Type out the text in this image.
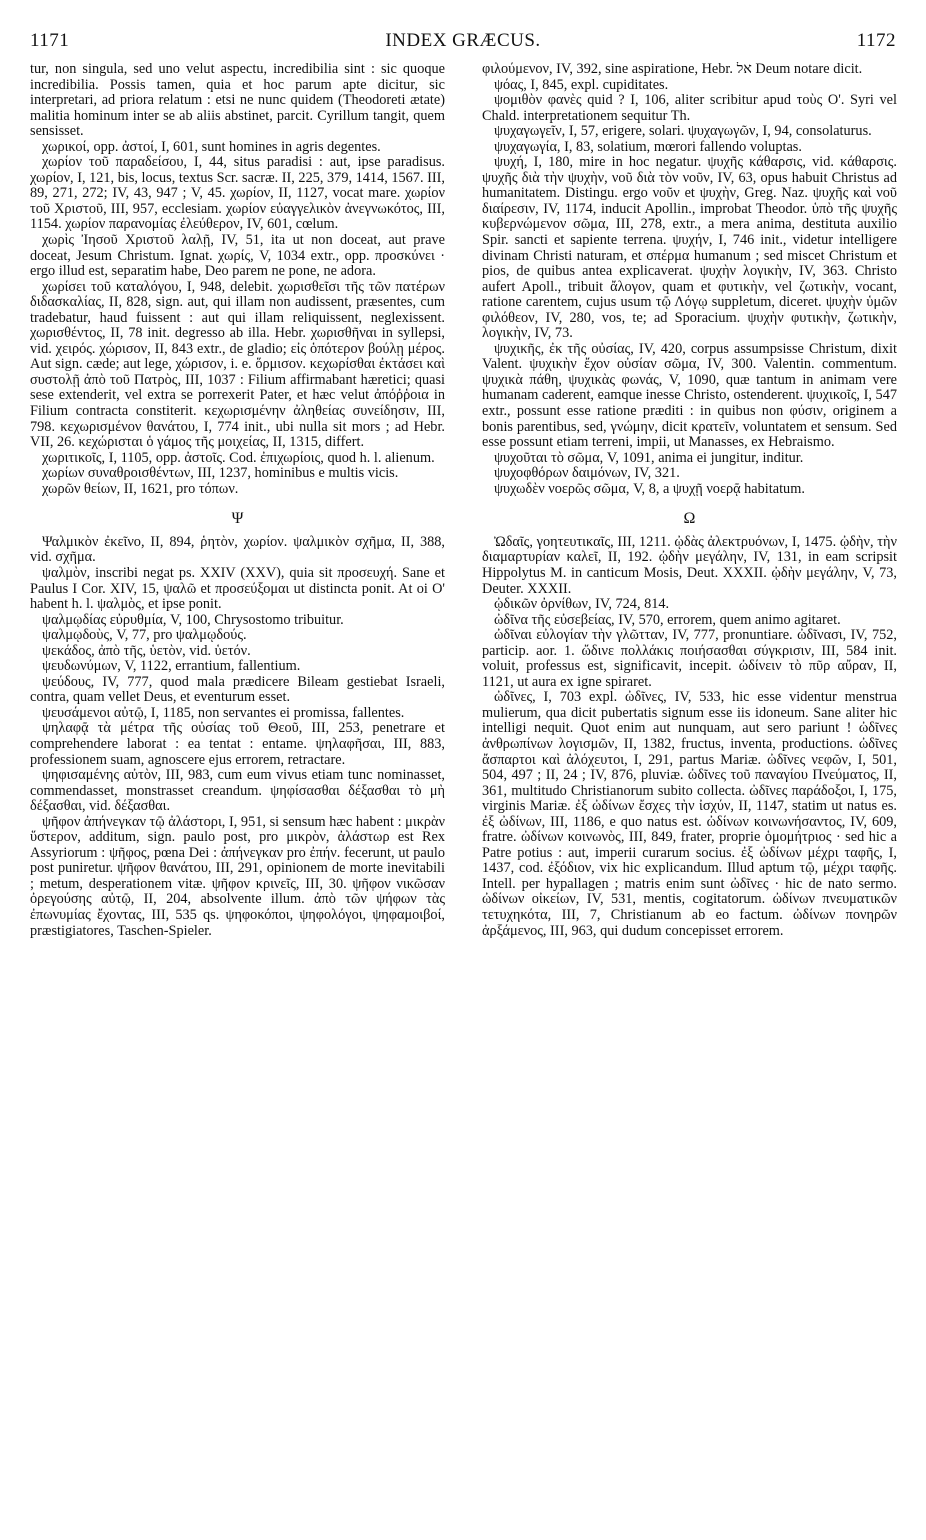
1171	INDEX GRÆCUS.	1172

tur, non singula, sed uno velut aspectu, incredibilia sint : sic quoque incredibilia. Possis tamen, quia et hoc parum apte dicitur, sic interpretari, ad priora relatum : etsi ne nunc quidem (Theodoreti ætate) malitia hominum inter se ab aliis abstinet, parcit. Cyrillum tangit, quem sensisset.

χωρικοί, opp. ἀστοί, I, 601, sunt homines in agris degentes.

χωρίον τοῦ παραδείσου, I, 44, situs paradisi : aut, ipse paradisus. χωρίον, I, 121, bis, locus, textus Scr. sacræ. II, 225, 379, 1414, 1567. III, 89, 271, 272; IV, 43, 947 ; V, 45. χωρίον, II, 1127, vocat mare. χωρίον τοῦ Χριστοῦ, III, 957, ecclesiam. χωρίον εὐαγγελικὸν ἀνεγνωκότος, III, 1154. χωρίον παρανομίας ἐλεύθερον, IV, 601, cœlum.

χωρὶς Ἰησοῦ Χριστοῦ λαλῇ, IV, 51, ita ut non doceat, aut prave doceat, Jesum Christum. Ignat. χωρίς, V, 1034 extr., opp. προσκύνει · ergo illud est, separatim habe, Deo parem ne pone, ne adora.

χωρίσει τοῦ καταλόγου, I, 948, delebit. χωρισθεῖσι τῆς τῶν πατέρων διδασκαλίας, II, 828, sign. aut, qui illam non audissent, præsentes, cum tradebatur, haud fuissent : aut qui illam reliquissent, neglexissent. χωρισθέντος, II, 78 init. degresso ab illa. Hebr. χωρισθῆναι in syllepsi, vid. χειρός. χώρισον, II, 843 extr., de gladio; εἰς ὁπότερον βούλῃ μέρος. Aut sign. cæde; aut lege, χώρισον, i. e. ὅρμισον. κεχωρίσθαι ἐκτάσει καὶ συστολῇ ἀπὸ τοῦ Πατρὸς, III, 1037 : Filium affirmabant hæretici; quasi sese extenderit, vel extra se porrexerit Pater, et hæc velut ἀπόῤῥοια in Filium contracta constiterit. κεχωρισμένην ἀληθείας συνείδησιν, III, 798. κεχωρισμένον θανάτου, I, 774 init., ubi nulla sit mors ; ad Hebr. VII, 26. κεχώρισται ὁ γάμος τῆς μοιχείας, II, 1315, differt.

χωριτικοῖς, I, 1105, opp. ἀστοῖς. Cod. ἐπιχωρίοις, quod h. l. alienum.

χωρίων συναθροισθέντων, III, 1237, hominibus e multis vicis.

χωρῶν θείων, II, 1621, pro τόπων.

Ψ

Ψαλμικὸν ἐκεῖνο, II, 894, ῥητὸν, χωρίον. ψαλμικὸν σχῆμα, II, 388, vid. σχῆμα.

ψαλμὸν, inscribi negat ps. XXIV (XXV), quia sit προσευχή. Sane et Paulus I Cor. XIV, 15, ψαλῶ et προσεύξομαι ut distincta ponit. At oi O' habent h. l. ψαλμὸς, et ipse ponit.

ψαλμῳδίας εὐρυθμία, V, 100, Chrysostomo tribuitur.

ψαλμῳδοὺς, V, 77, pro ψαλμῳδούς.

ψεκάδος, ἀπὸ τῆς, ὑετὸν, vid. ὑετόν.

ψευδωνύμων, V, 1122, errantium, fallentium.

ψεύδους, IV, 777, quod mala prædicere Bileam gestiebat Israeli, contra, quam vellet Deus, et eventurum esset.

ψευσάμενοι αὐτῷ, I, 1185, non servantes ei promissa, fallentes.

ψηλαφᾷ τὰ μέτρα τῆς οὐσίας τοῦ Θεοῦ, III, 253, penetrare et comprehendere laborat : ea tentat : entame. ψηλαφῆσαι, III, 883, professionem suam, agnoscere ejus errorem, retractare.

ψηφισαμένης αὐτὸν, III, 983, cum eum vivus etiam tunc nominasset, commendasset, monstrasset creandum. ψηφίσασθαι δέξασθαι τὸ μὴ δέξασθαι, vid. δέξασθαι.

ψῆφον ἀπήνεγκαν τῷ ἀλάστορι, I, 951, si sensum hæc habent : μικρὰν ὕστερον, additum, sign. paulo post, pro μικρὸν, ἀλάστωρ est Rex Assyriorum : ψῆφος, pœna Dei : ἀπήνεγκαν pro ἐπήν. fecerunt, ut paulo post puniretur. ψῆφον θανάτου, III, 291, opinionem de morte inevitabili ; metum, desperationem vitæ. ψῆφον κρινεῖς, III, 30. ψῆφον νικῶσαν ὀρεγούσης αὐτῷ, II, 204, absolvente illum. ἀπὸ τῶν ψήφων τὰς ἐπωνυμίας ἔχοντας, III, 535 qs. ψηφοκόποι, ψηφολόγοι, ψηφαμοιβοί, præstigiatores, Taschen-Spieler.

φιλούμενον, IV, 392, sine aspiratione, Hebr. אל Deum notare dicit.

ψόας, I, 845, expl. cupiditates.

ψομιθὸν φανὲς quid ? I, 106, aliter scribitur apud τοὺς O'. Syri vel Chald. interpretationem sequitur Th.

ψυχαγωγεῖν, I, 57, erigere, solari. ψυχαγωγῶν, I, 94, consolaturus.

ψυχαγωγία, I, 83, solatium, mœrori fallendo voluptas.

ψυχή, I, 180, mire in hoc negatur. ψυχῆς κάθαρσις, vid. κάθαρσις. ψυχῆς διὰ τὴν ψυχὴν, νοῦ διὰ τὸν νοῦν, IV, 63, opus habuit Christus ad humanitatem. Distingu. ergo νοῦν et ψυχὴν, Greg. Naz. ψυχῆς καὶ νοῦ διαίρεσιν, IV, 1174, inducit Apollin., improbat Theodor. ὑπὸ τῆς ψυχῆς κυβερνώμενον σῶμα, III, 278, extr., a mera anima, destituta auxilio Spir. sancti et sapiente terrena. ψυχήν, I, 746 init., videtur intelligere divinam Christi naturam, et σπέρμα humanum ; sed miscet Christum et pios, de quibus antea explicaverat. ψυχὴν λογικὴν, IV, 363. Christo aufert Apoll., tribuit ἄλογον, quam et φυτικὴν, vel ζωτικὴν, vocant, ratione carentem, cujus usum τῷ Λόγῳ suppletum, diceret. ψυχὴν ὑμῶν φιλόθεον, IV, 280, vos, te; ad Sporacium. ψυχὴν φυτικὴν, ζωτικὴν, λογικὴν, IV, 73.

ψυχικῆς, ἐκ τῆς οὐσίας, IV, 420, corpus assumpsisse Christum, dixit Valent. ψυχικὴν ἔχον οὐσίαν σῶμα, IV, 300. Valentin. commentum. ψυχικὰ πάθη, ψυχικὰς φωνάς, V, 1090, quæ tantum in animam vere humanam caderent, eamque inesse Christo, ostenderent. ψυχικοῖς, I, 547 extr., possunt esse ratione præditi : in quibus non φύσιν, originem a bonis parentibus, sed, γνώμην, dicit κρατεῖν, voluntatem et sensum. Sed esse possunt etiam terreni, impii, ut Manasses, ex Hebraismo.

ψυχοῦται τὸ σῶμα, V, 1091, anima ei jungitur, inditur.

ψυχοφθόρων δαιμόνων, IV, 321.

ψυχωδὲν νοερῶς σῶμα, V, 8, a ψυχῇ νοερᾷ habitatum.

Ω

Ὠδαῖς, γοητευτικαῖς, III, 1211. ᾠδὰς ἀλεκτρυόνων, I, 1475. ᾠδὴν, τὴν διαμαρτυρίαν καλεῖ, II, 192. ᾠδὴν μεγάλην, IV, 131, in eam scripsit Hippolytus M. in canticum Mosis, Deut. XXXII. ᾠδὴν μεγάλην, V, 73, Deuter. XXXII.

ᾠδικῶν ὀρνίθων, IV, 724, 814.

ὠδῖνα τῆς εὐσεβείας, IV, 570, errorem, quem animo agitaret.

ὠδῖναι εὐλογίαν τὴν γλῶτταν, IV, 777, pronuntiare. ὠδῖνασι, IV, 752, particip. aor. 1. ὤδινε πολλάκις ποιήσασθαι σύγκρισιν, III, 584 init. voluit, professus est, significavit, incepit. ὠδίνειν τὸ πῦρ αὔραν, II, 1121, ut aura ex igne spiraret.

ὠδῖνες, I, 703 expl. ὠδῖνες, IV, 533, hic esse videntur menstrua mulierum, qua dicit pubertatis signum esse iis idoneum. Sane aliter hic intelligi nequit. Quot enim aut nunquam, aut sero pariunt ! ὠδῖνες ἀνθρωπίνων λογισμῶν, II, 1382, fructus, inventa, productions. ὠδῖνες ἄσπαρτοι καὶ ἀλόχευτοι, I, 291, partus Mariæ. ὠδῖνες νεφῶν, I, 501, 504, 497 ; II, 24 ; IV, 876, pluviæ. ὠδῖνες τοῦ παναγίου Πνεύματος, II, 361, multitudo Christianorum subito collecta. ὠδῖνες παράδοξοι, I, 175, virginis Mariæ. ἐξ ὠδίνων ἔσχες τὴν ἰσχύν, II, 1147, statim ut natus es. ἐξ ὠδίνων, III, 1186, e quo natus est. ὠδίνων κοινωνήσαντος, IV, 609, fratre. ὠδίνων κοινωνὸς, III, 849, frater, proprie ὁμομήτριος · sed hic a Patre potius : aut, imperii curarum socius. ἐξ ὠδίνων μέχρι ταφῆς, I, 1437, cod. ἐξόδιον, vix hic explicandum. Illud aptum τῷ, μέχρι ταφῆς. Intell. per hypallagen ; matris enim sunt ὠδῖνες · hic de nato sermo. ὠδίνων οἰκείων, IV, 531, mentis, cogitatorum. ὠδίνων πνευματικῶν τετυχηκότα, III, 7, Christianum ab eo factum. ὠδίνων πονηρῶν ἀρξάμενος, III, 963, qui dudum concepisset errorem.
